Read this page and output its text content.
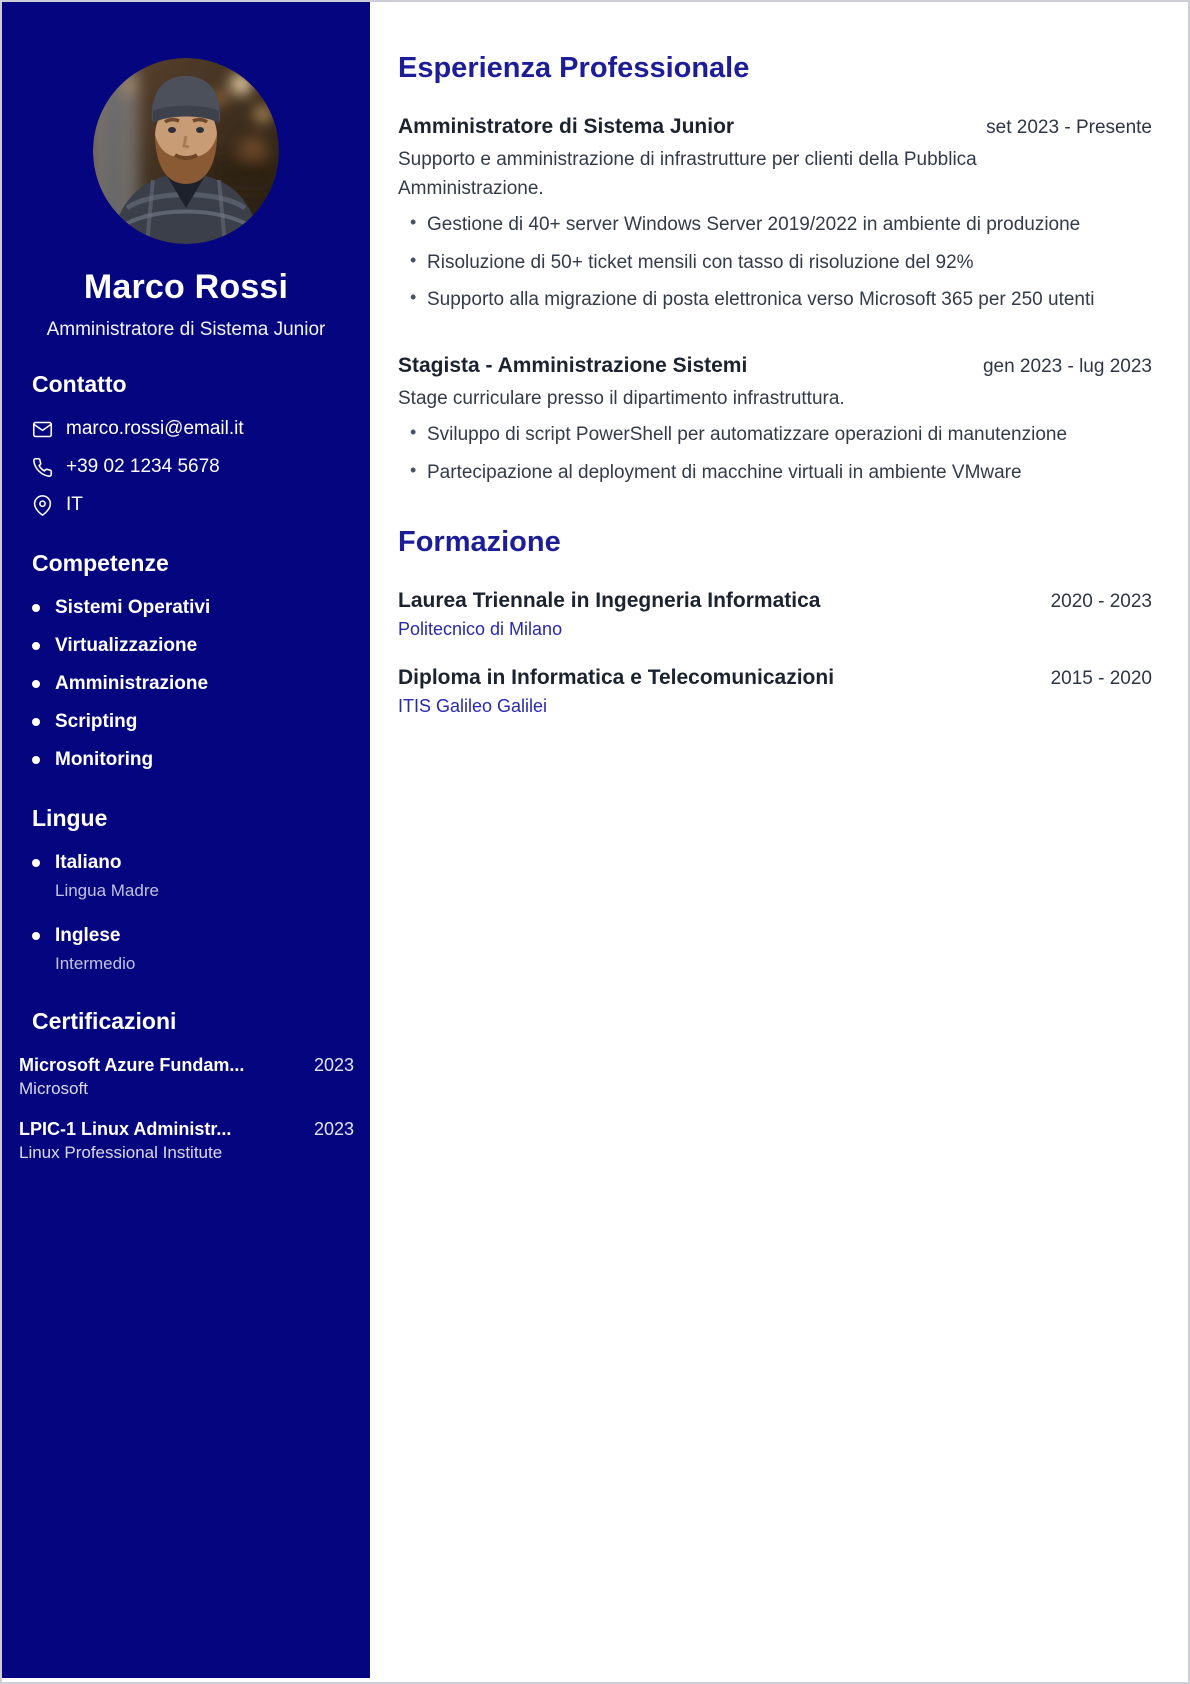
Marco Rossi
Amministratore di Sistema Junior
Contatto
marco.rossi@email.it
+39 02 1234 5678
IT
Competenze
Sistemi Operativi
Virtualizzazione
Amministrazione
Scripting
Monitoring
Lingue
Italiano
Lingua Madre
Inglese
Intermedio
Certificazioni
Microsoft Azure Fundam...	2023
Microsoft
LPIC-1 Linux Administr...	2023
Linux Professional Institute
Esperienza Professionale
Amministratore di Sistema Junior	set 2023 - Presente

Supporto e amministrazione di infrastrutture per clienti della Pubblica Amministrazione.

• Gestione di 40+ server Windows Server 2019/2022 in ambiente di produzione
• Risoluzione di 50+ ticket mensili con tasso di risoluzione del 92%
• Supporto alla migrazione di posta elettronica verso Microsoft 365 per 250 utenti
Stagista - Amministrazione Sistemi	gen 2023 - lug 2023

Stage curriculare presso il dipartimento infrastruttura.

• Sviluppo di script PowerShell per automatizzare operazioni di manutenzione
• Partecipazione al deployment di macchine virtuali in ambiente VMware
Formazione
Laurea Triennale in Ingegneria Informatica	2020 - 2023
Politecnico di Milano
Diploma in Informatica e Telecomunicazioni	2015 - 2020
ITIS Galileo Galilei
